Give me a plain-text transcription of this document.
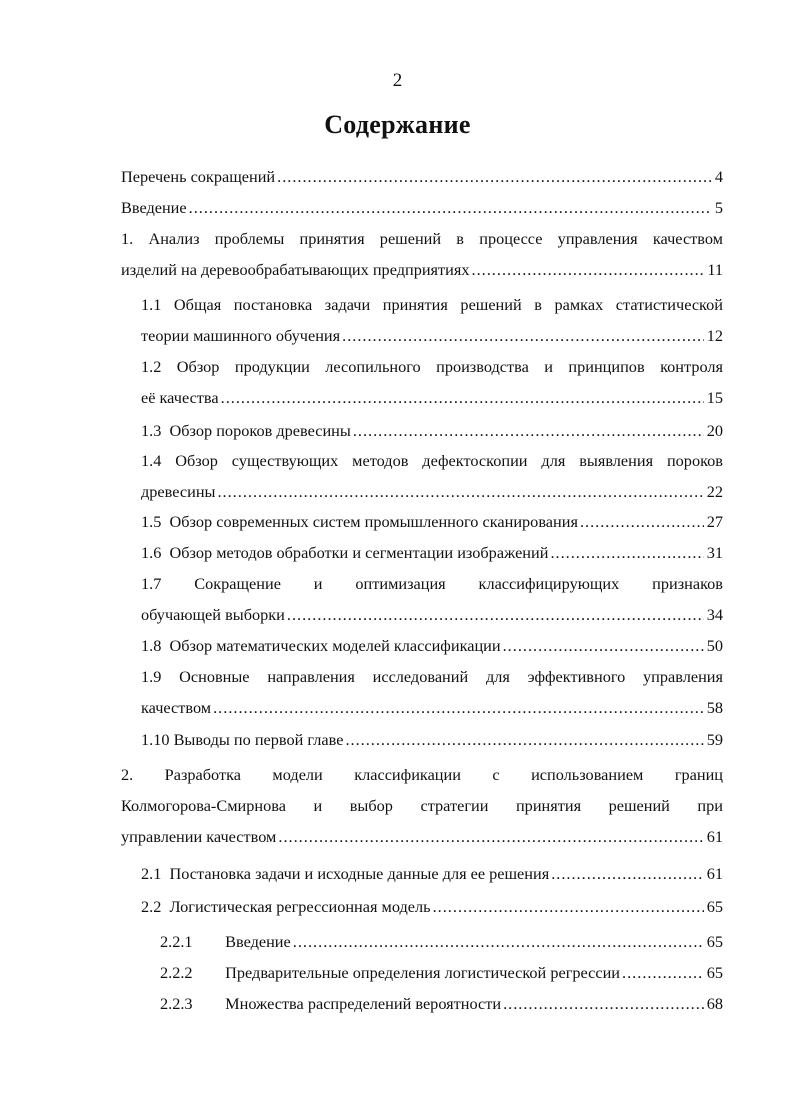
2
Содержание
Перечень сокращений .....	4
Введение .....	5
1. Анализ проблемы принятия решений в процессе управления качеством
изделий на деревообрабатывающих предприятиях .....	11
1.1 Общая постановка задачи принятия решений в рамках статистической
теории машинного обучения .....	12
1.2 Обзор продукции лесопильного производства и принципов контроля
её качества .....	15
1.3  Обзор пороков древесины .....	20
1.4 Обзор существующих методов дефектоскопии для выявления пороков
древесины .....	22
1.5  Обзор современных систем промышленного сканирования .....	27
1.6  Обзор методов обработки и сегментации изображений .....	31
1.7 Сокращение и оптимизация классифицирующих признаков
обучающей выборки .....	34
1.8  Обзор математических моделей классификации .....	50
1.9 Основные направления исследований для эффективного управления
качеством .....	58
1.10 Выводы по первой главе .....	59
2. Разработка модели классификации с использованием границ
Колмогорова-Смирнова и выбор стратегии принятия решений при
управлении качеством .....	61
2.1  Постановка задачи и исходные данные для ее решения .....	61
2.2  Логистическая регрессионная модель .....	65
2.2.1        Введение .....	65
2.2.2        Предварительные определения логистической регрессии .....	65
2.2.3        Множества распределений вероятности .....	68
